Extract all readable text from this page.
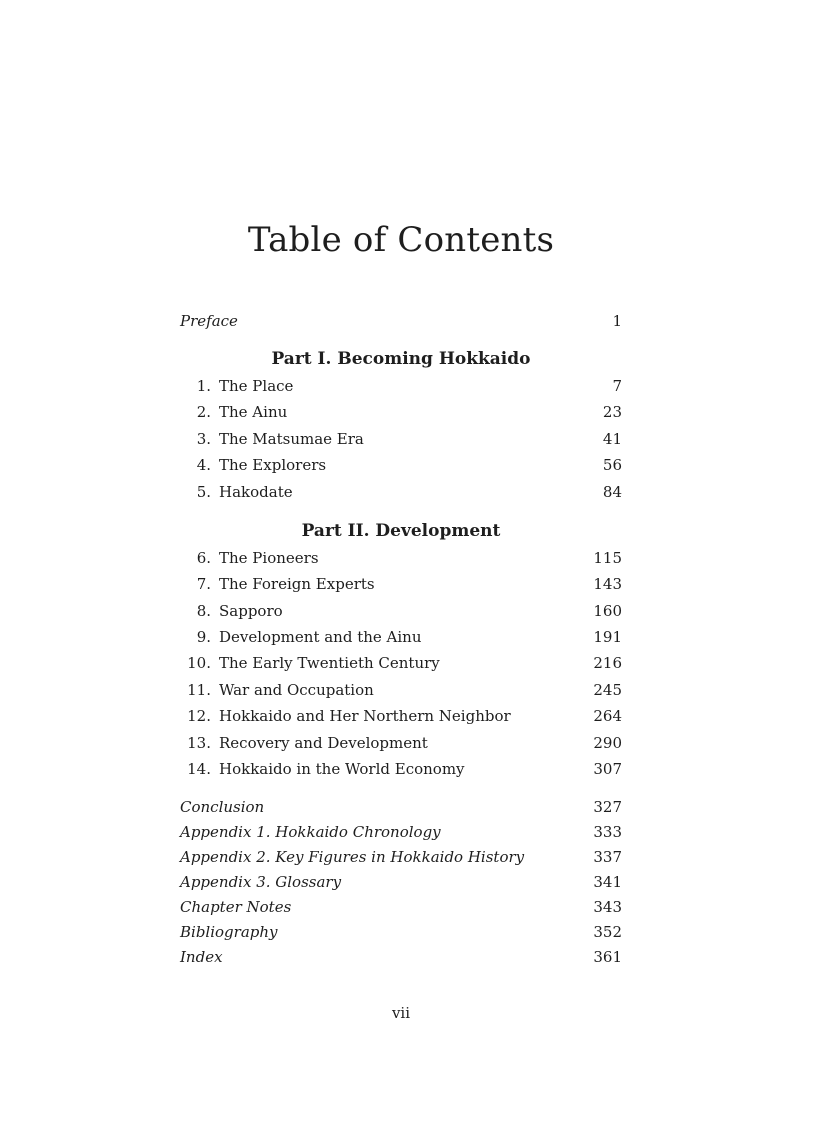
Table of Contents
Preface	1
Part I. Becoming Hokkaido
1. The Place	7
2. The Ainu	23
3. The Matsumae Era	41
4. The Explorers	56
5. Hakodate	84
Part II. Development
6. The Pioneers	115
7. The Foreign Experts	143
8. Sapporo	160
9. Development and the Ainu	191
10. The Early Twentieth Century	216
11. War and Occupation	245
12. Hokkaido and Her Northern Neighbor	264
13. Recovery and Development	290
14. Hokkaido in the World Economy	307
Conclusion	327
Appendix 1. Hokkaido Chronology	333
Appendix 2. Key Figures in Hokkaido History	337
Appendix 3. Glossary	341
Chapter Notes	343
Bibliography	352
Index	361
vii
